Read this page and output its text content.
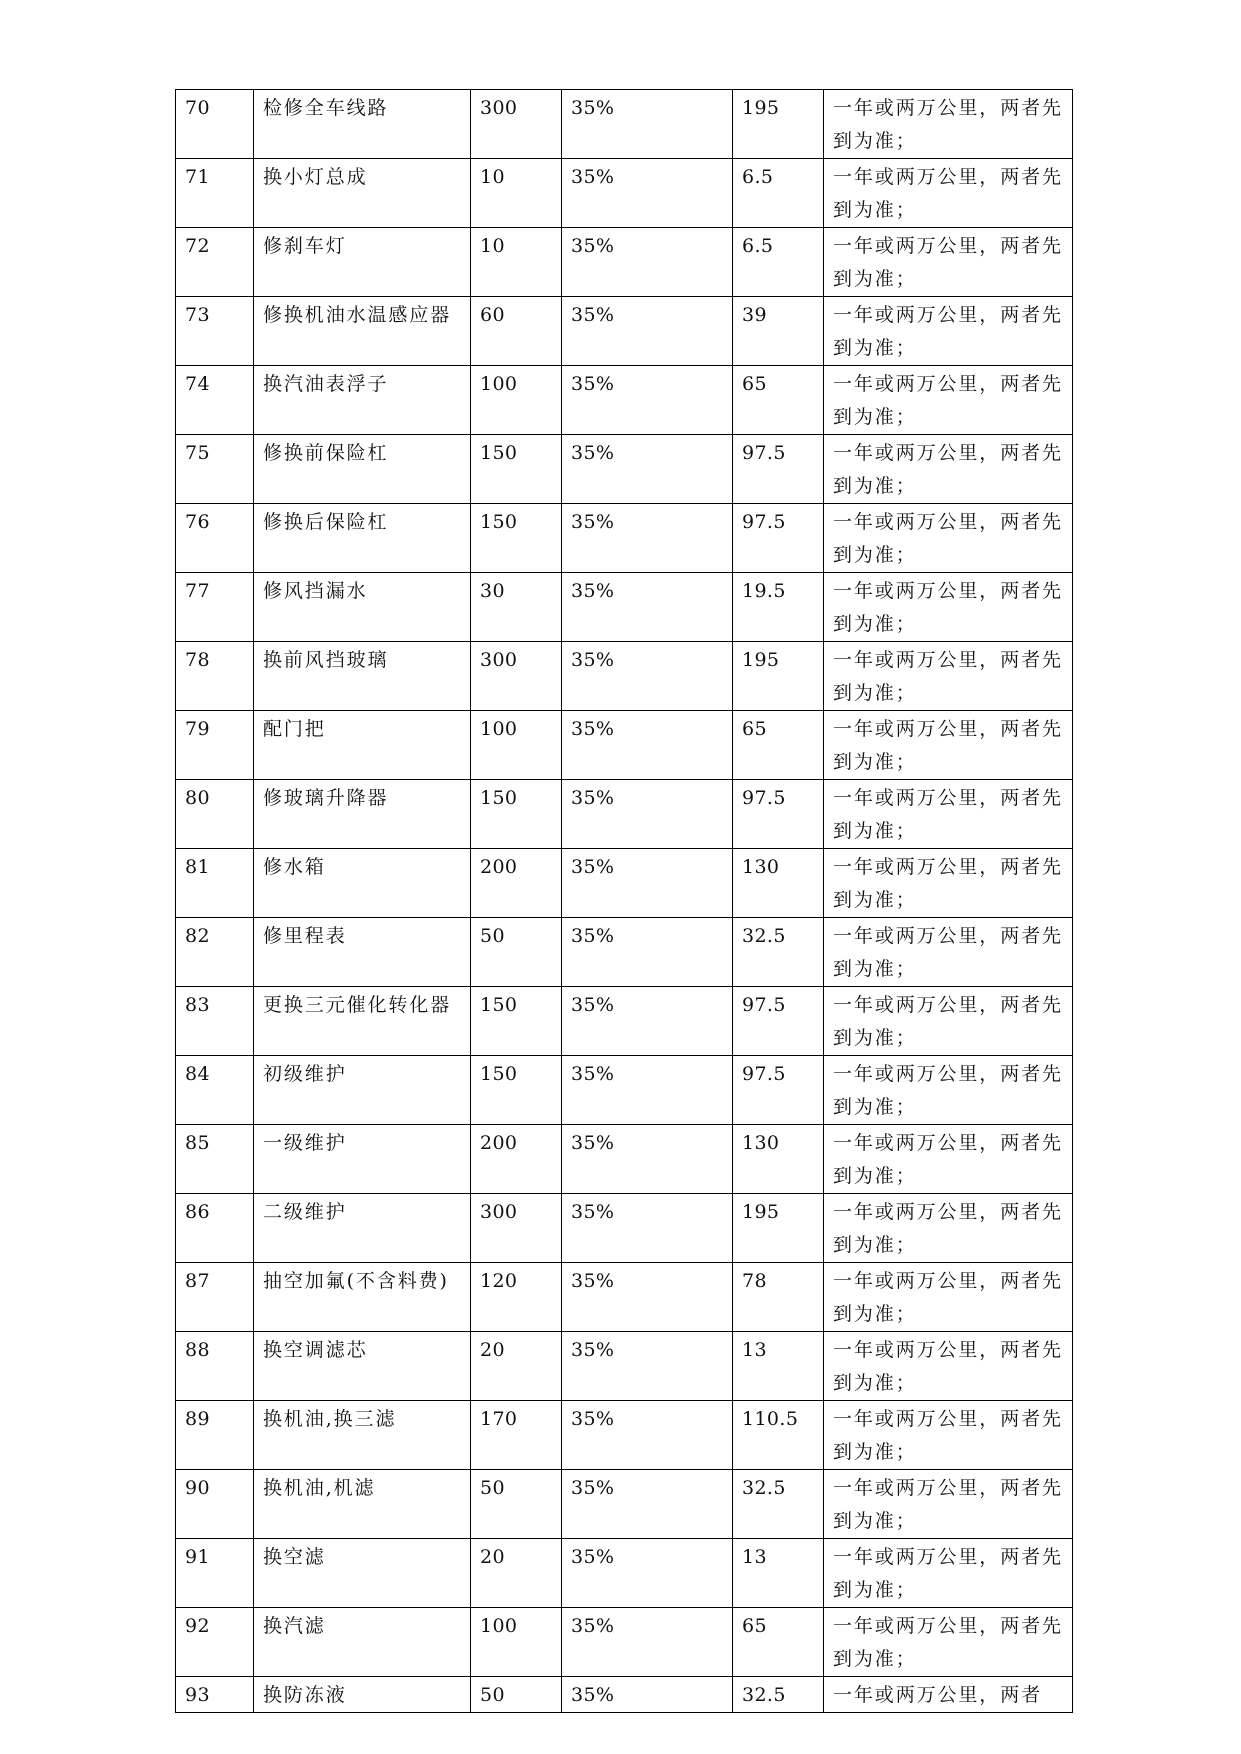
70	检修全车线路	300	35%	195	一年或两万公里，两者先到为准；
71	换小灯总成	10	35%	6.5	一年或两万公里，两者先到为准；
72	修刹车灯	10	35%	6.5	一年或两万公里，两者先到为准；
73	修换机油水温感应器	60	35%	39	一年或两万公里，两者先到为准；
74	换汽油表浮子	100	35%	65	一年或两万公里，两者先到为准；
75	修换前保险杠	150	35%	97.5	一年或两万公里，两者先到为准；
76	修换后保险杠	150	35%	97.5	一年或两万公里，两者先到为准；
77	修风挡漏水	30	35%	19.5	一年或两万公里，两者先到为准；
78	换前风挡玻璃	300	35%	195	一年或两万公里，两者先到为准；
79	配门把	100	35%	65	一年或两万公里，两者先到为准；
80	修玻璃升降器	150	35%	97.5	一年或两万公里，两者先到为准；
81	修水箱	200	35%	130	一年或两万公里，两者先到为准；
82	修里程表	50	35%	32.5	一年或两万公里，两者先到为准；
83	更换三元催化转化器	150	35%	97.5	一年或两万公里，两者先到为准；
84	初级维护	150	35%	97.5	一年或两万公里，两者先到为准；
85	一级维护	200	35%	130	一年或两万公里，两者先到为准；
86	二级维护	300	35%	195	一年或两万公里，两者先到为准；
87	抽空加氟(不含料费)	120	35%	78	一年或两万公里，两者先到为准；
88	换空调滤芯	20	35%	13	一年或两万公里，两者先到为准；
89	换机油,换三滤	170	35%	110.5	一年或两万公里，两者先到为准；
90	换机油,机滤	50	35%	32.5	一年或两万公里，两者先到为准；
91	换空滤	20	35%	13	一年或两万公里，两者先到为准；
92	换汽滤	100	35%	65	一年或两万公里，两者先到为准；
93	换防冻液	50	35%	32.5	一年或两万公里，两者
